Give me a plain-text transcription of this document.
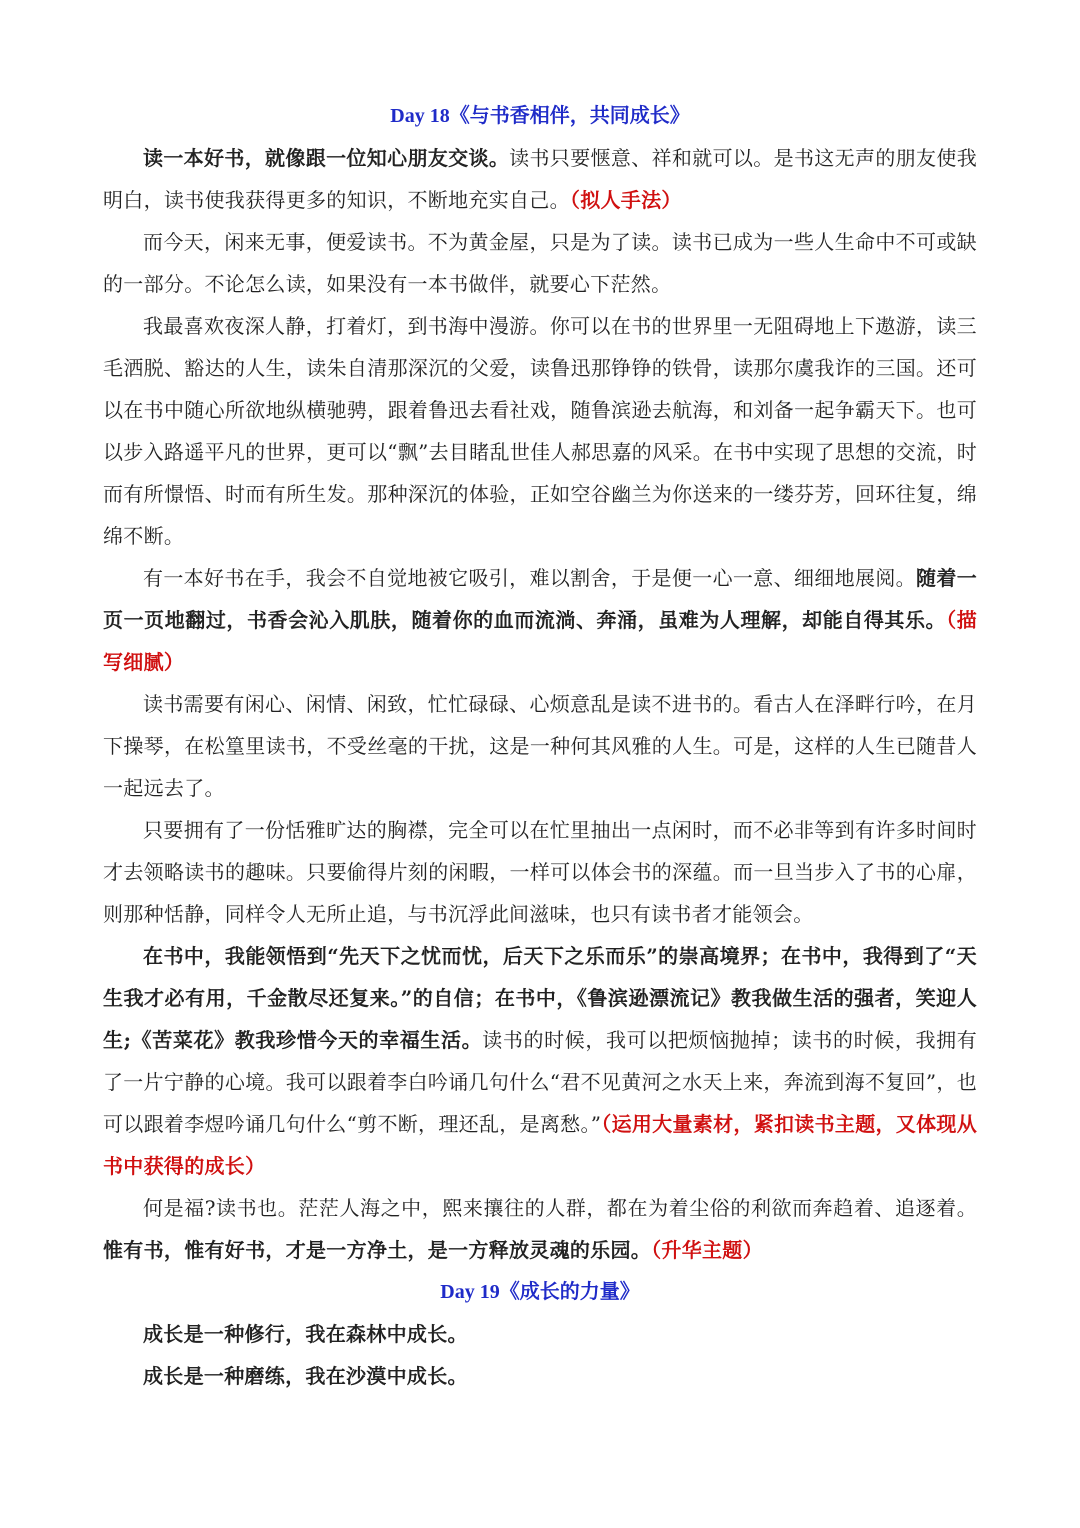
Day 18《与书香相伴，共同成长》

读一本好书，就像跟一位知心朋友交谈。读书只要惬意、祥和就可以。是书这无声的朋友使我明白，读书使我获得更多的知识，不断地充实自己。（拟人手法）

而今天，闲来无事，便爱读书。不为黄金屋，只是为了读。读书已成为一些人生命中不可或缺的一部分。不论怎么读，如果没有一本书做伴，就要心下茫然。

我最喜欢夜深人静，打着灯，到书海中漫游。你可以在书的世界里一无阻碍地上下遨游，读三毛洒脱、豁达的人生，读朱自清那深沉的父爱，读鲁迅那铮铮的铁骨，读那尔虞我诈的三国。还可以在书中随心所欲地纵横驰骋，跟着鲁迅去看社戏，随鲁滨逊去航海，和刘备一起争霸天下。也可以步入路遥平凡的世界，更可以“飘”去目睹乱世佳人郝思嘉的风采。在书中实现了思想的交流，时而有所憬悟、时而有所生发。那种深沉的体验，正如空谷幽兰为你送来的一缕芬芳，回环往复，绵绵不断。

有一本好书在手，我会不自觉地被它吸引，难以割舍，于是便一心一意、细细地展阅。随着一页一页地翻过，书香会沁入肌肤，随着你的血而流淌、奔涌，虽难为人理解，却能自得其乐。（描写细腻）

读书需要有闲心、闲情、闲致，忙忙碌碌、心烦意乱是读不进书的。看古人在泽畔行吟，在月下操琴，在松篁里读书，不受丝毫的干扰，这是一种何其风雅的人生。可是，这样的人生已随昔人一起远去了。

只要拥有了一份恬雅旷达的胸襟，完全可以在忙里抽出一点闲时，而不必非等到有许多时间时才去领略读书的趣味。只要偷得片刻的闲暇，一样可以体会书的深蕴。而一旦当步入了书的心扉，则那种恬静，同样令人无所止追，与书沉浮此间滋味，也只有读书者才能领会。

在书中，我能领悟到“先天下之忧而忧，后天下之乐而乐”的崇高境界；在书中，我得到了“天生我才必有用，千金散尽还复来。”的自信；在书中，《鲁滨逊漂流记》教我做生活的强者，笑迎人生;《苦菜花》教我珍惜今天的幸福生活。读书的时候，我可以把烦恼抛掉；读书的时候，我拥有了一片宁静的心境。我可以跟着李白吟诵几句什么“君不见黄河之水天上来，奔流到海不复回”，也可以跟着李煜吟诵几句什么“剪不断，理还乱，是离愁。”（运用大量素材，紧扣读书主题，又体现从书中获得的成长）

何是福?读书也。茫茫人海之中，熙来攘往的人群，都在为着尘俗的利欲而奔趋着、追逐着。惟有书，惟有好书，才是一方净土，是一方释放灵魂的乐园。（升华主题）

Day 19《成长的力量》

成长是一种修行，我在森林中成长。

成长是一种磨练，我在沙漠中成长。
